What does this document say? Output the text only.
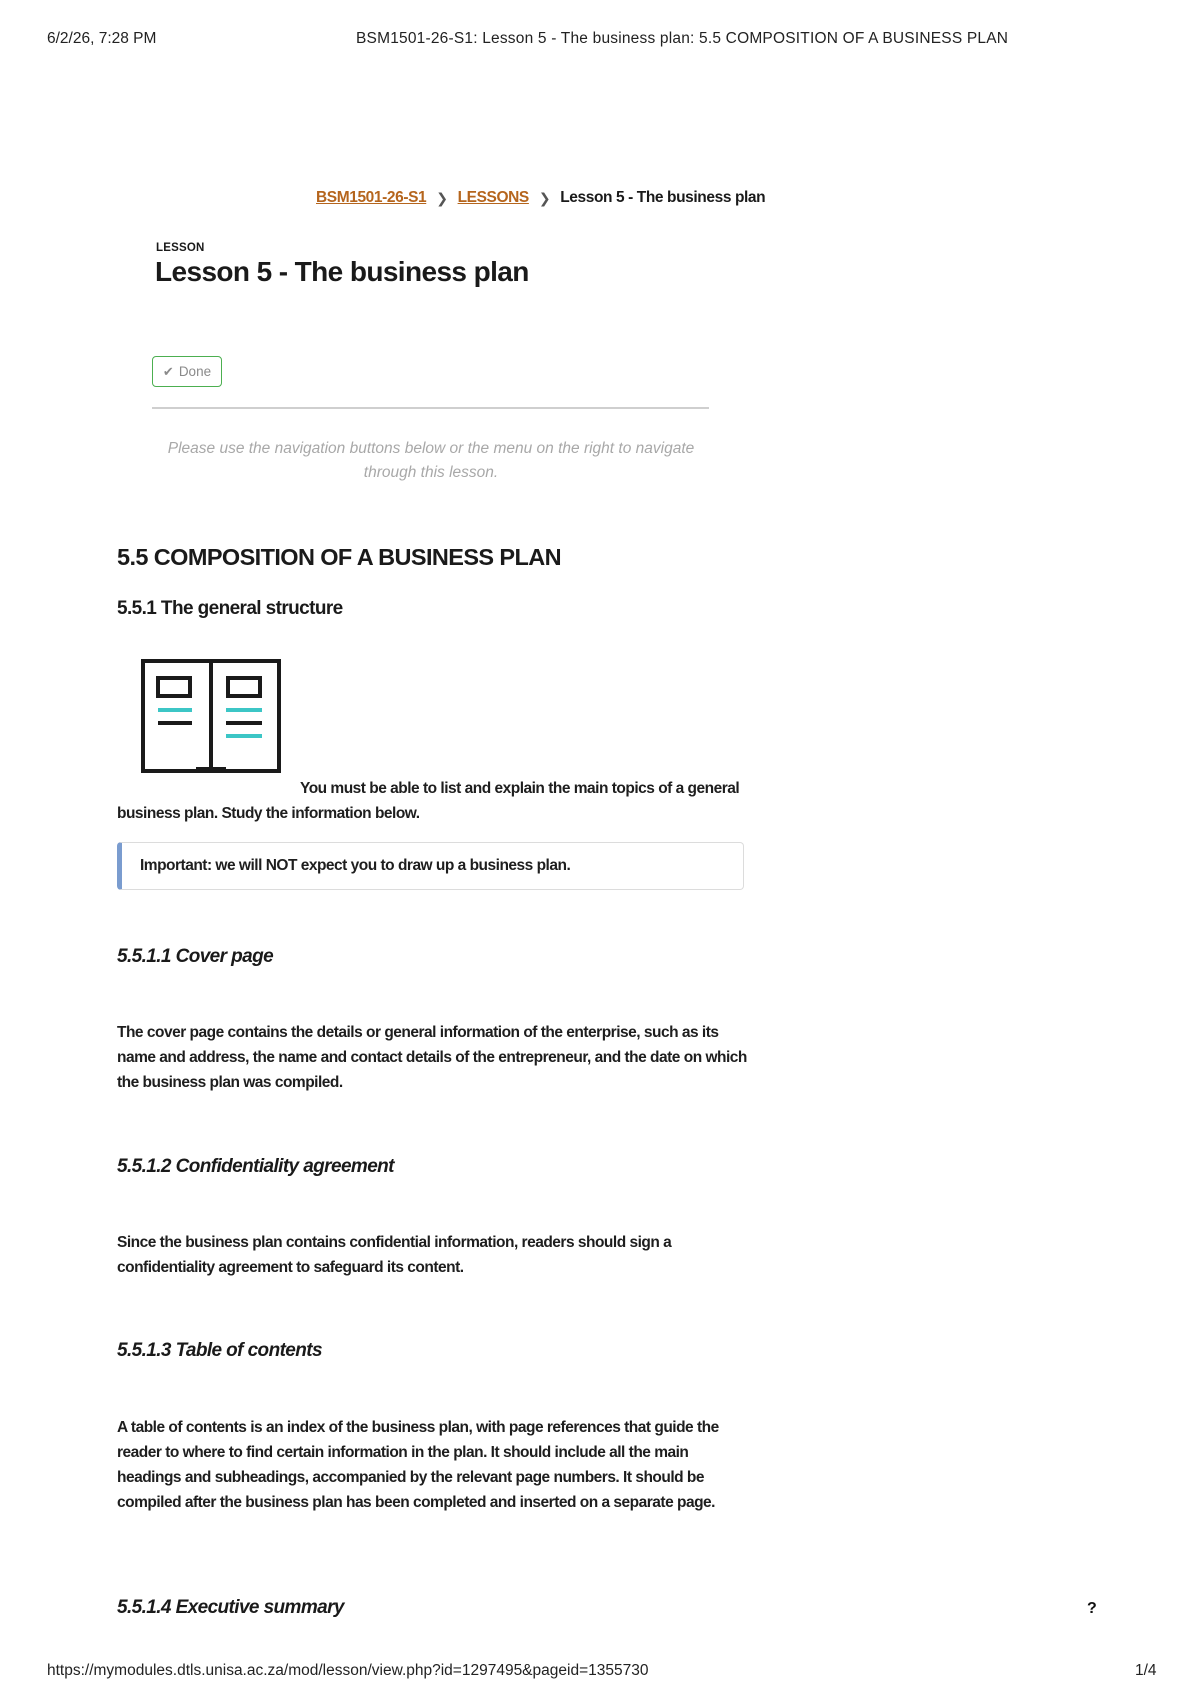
6/2/26, 7:28 PM	BSM1501-26-S1: Lesson 5 - The business plan: 5.5 COMPOSITION OF A BUSINESS PLAN
BSM1501-26-S1 ❯ LESSONS ❯ Lesson 5 - The business plan
LESSON
Lesson 5 - The business plan
✔ Done
Please use the navigation buttons below or the menu on the right to navigate through this lesson.
5.5 COMPOSITION OF A BUSINESS PLAN
5.5.1 The general structure

You must be able to list and explain the main topics of a general business plan. Study the information below.

Important: we will NOT expect you to draw up a business plan.
5.5.1.1 Cover page

The cover page contains the details or general information of the enterprise, such as its name and address, the name and contact details of the entrepreneur, and the date on which the business plan was compiled.

5.5.1.2 Confidentiality agreement

Since the business plan contains confidential information, readers should sign a confidentiality agreement to safeguard its content.

5.5.1.3 Table of contents

A table of contents is an index of the business plan, with page references that guide the reader to where to find certain information in the plan. It should include all the main headings and subheadings, accompanied by the relevant page numbers. It should be compiled after the business plan has been completed and inserted on a separate page.

5.5.1.4 Executive summary	?
https://mymodules.dtls.unisa.ac.za/mod/lesson/view.php?id=1297495&pageid=1355730	1/4
